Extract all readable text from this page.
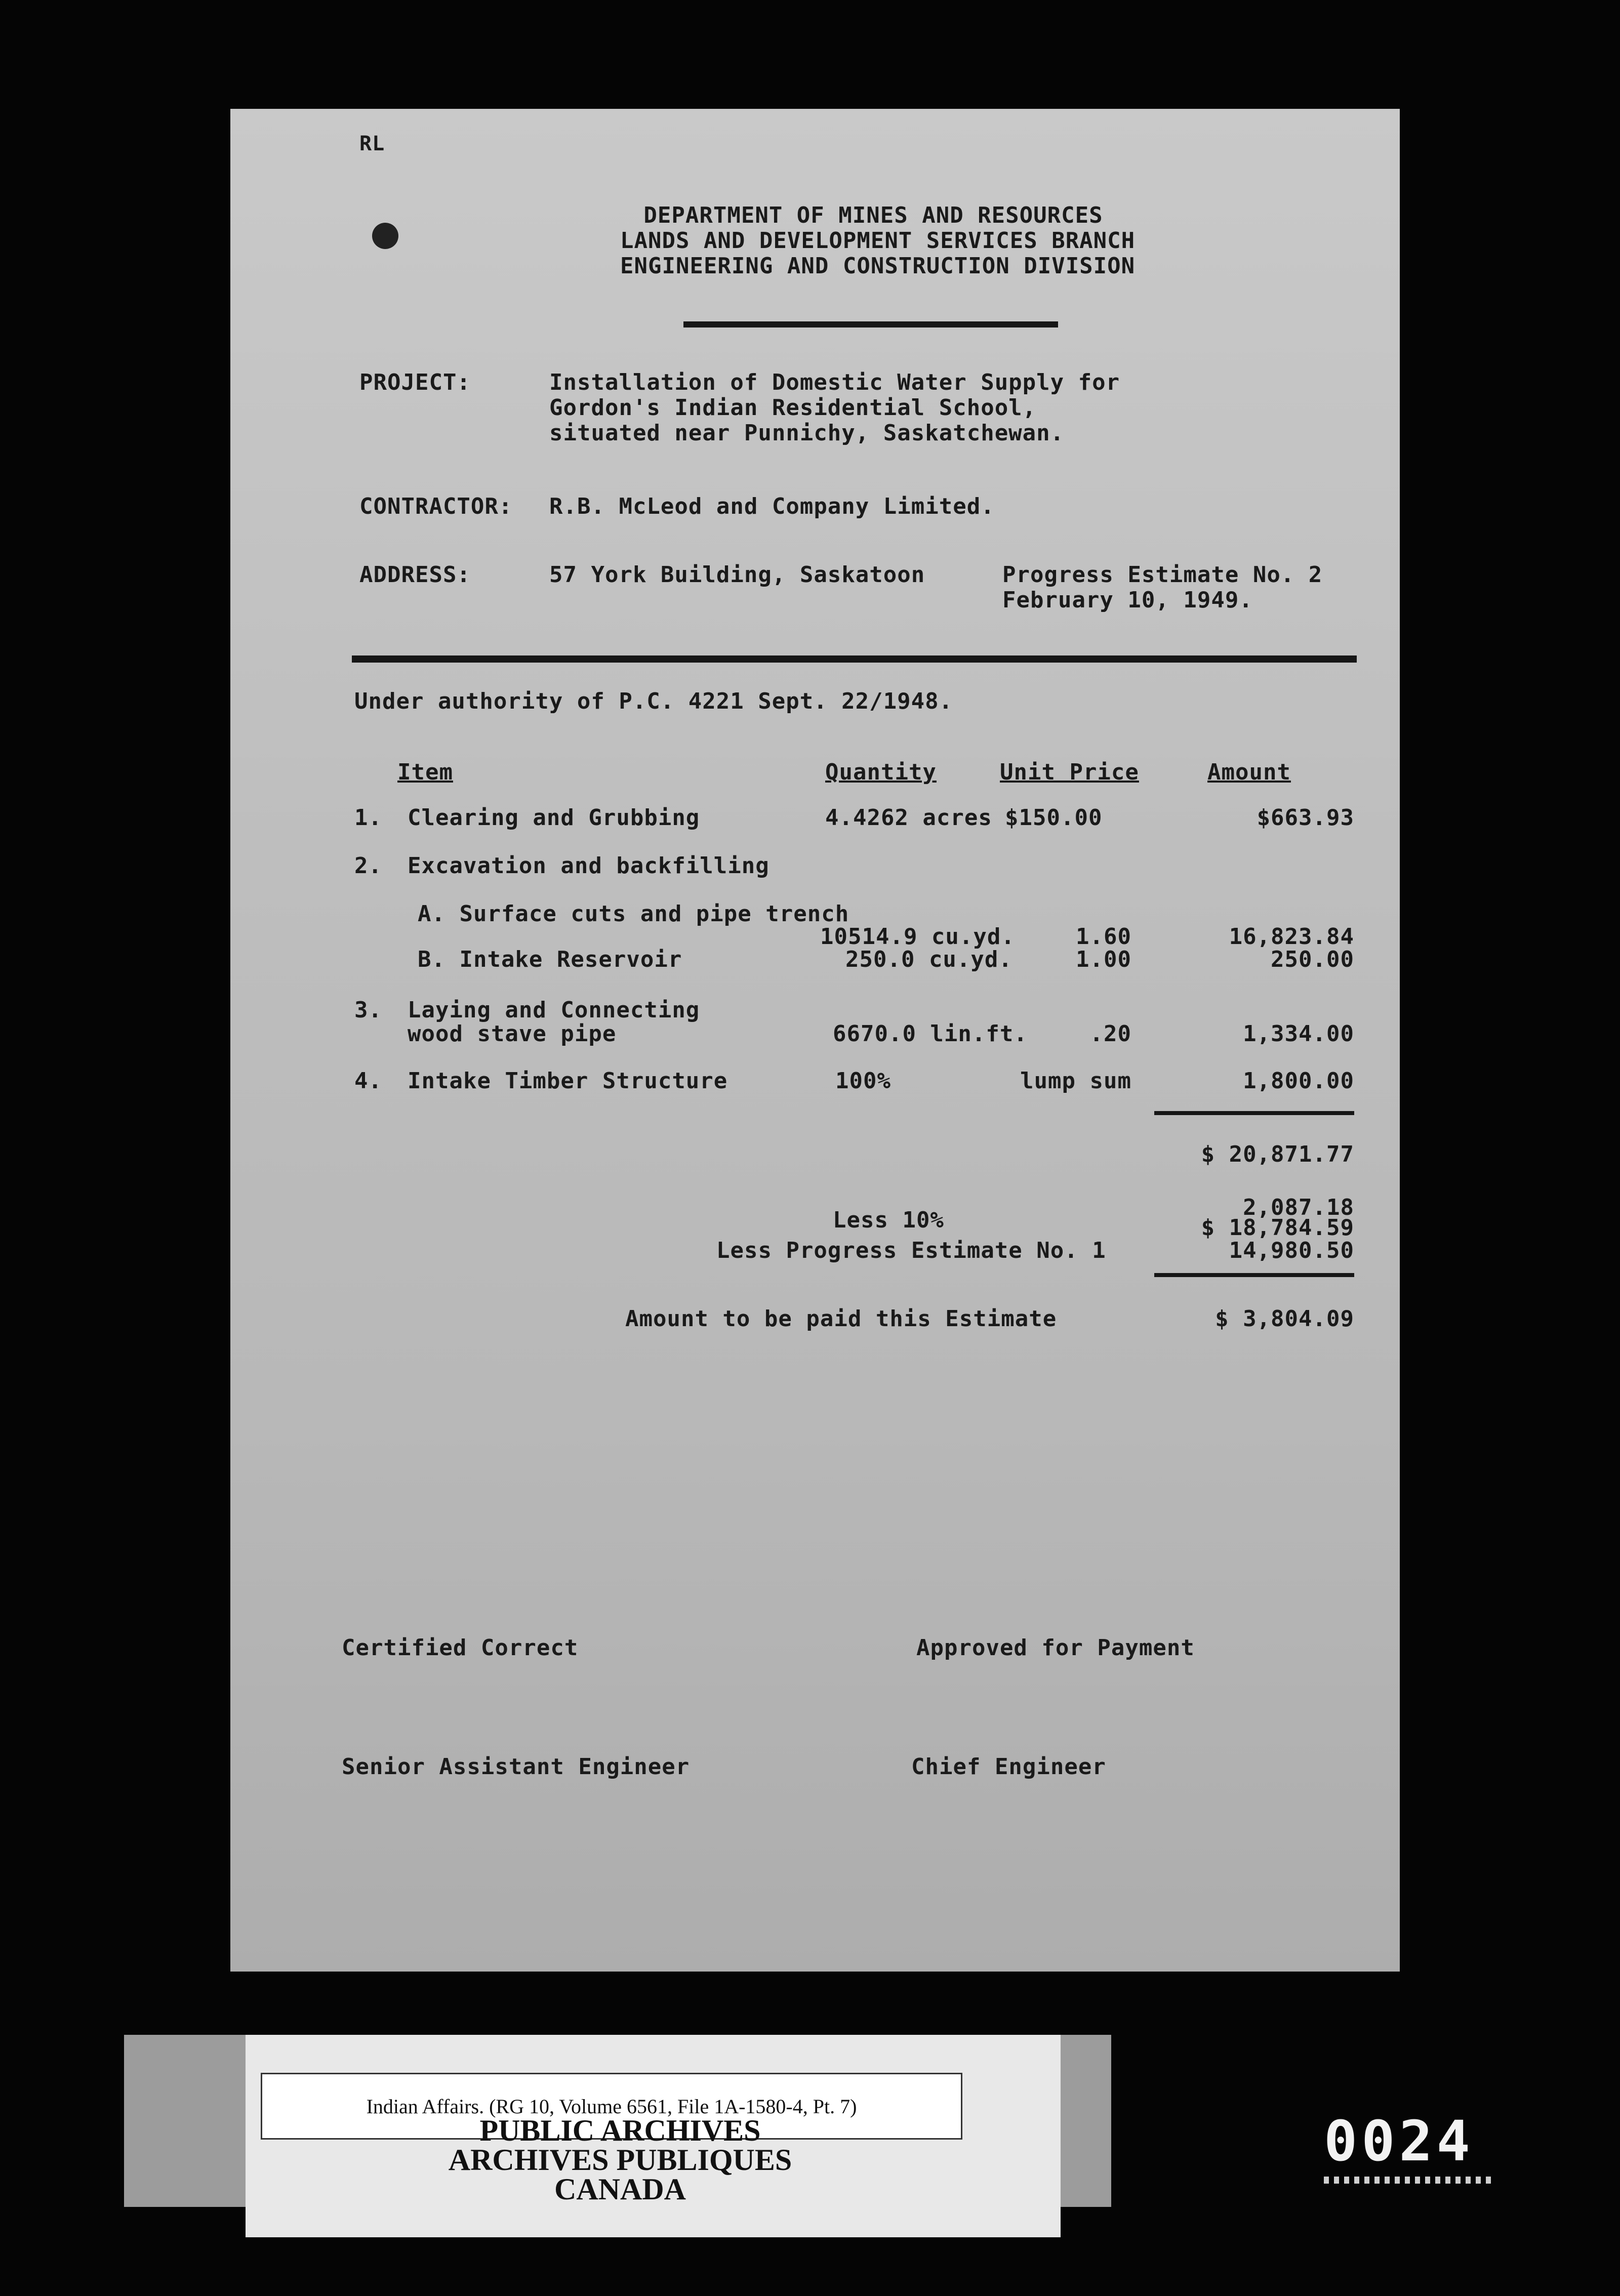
RL
DEPARTMENT OF MINES AND RESOURCES
LANDS AND DEVELOPMENT SERVICES BRANCH
ENGINEERING AND CONSTRUCTION DIVISION
PROJECT:	Installation of Domestic Water Supply for
Gordon's Indian Residential School,
situated near Punnichy, Saskatchewan.
CONTRACTOR: R.B. McLeod and Company Limited.
ADDRESS:	57 York Building, Saskatoon	Progress Estimate No. 2
February 10, 1949.
Under authority of P.C. 4221 Sept. 22/1948.
Item	Quantity	Unit Price	Amount
1. Clearing and Grubbing	4.4262 acres $150.00	$663.93
2. Excavation and backfilling
A. Surface cuts and pipe trench
10514.9 cu.yd.	1.60	16,823.84
B. Intake Reservoir	250.0 cu.yd.	1.00	250.00
3. Laying and Connecting
wood stave pipe	6670.0 lin.ft.	.20	1,334.00
4. Intake Timber Structure	100%	lump sum	1,800.00
$ 20,871.77
Less 10%	2,087.18
$ 18,784.59
Less Progress Estimate No. 1	14,980.50
Amount to be paid this Estimate	$ 3,804.09
Certified Correct	Approved for Payment
Senior Assistant Engineer	Chief Engineer
Indian Affairs. (RG 10, Volume 6561, File 1A-1580-4, Pt. 7)
PUBLIC ARCHIVES
ARCHIVES PUBLIQUES
CANADA
0024
